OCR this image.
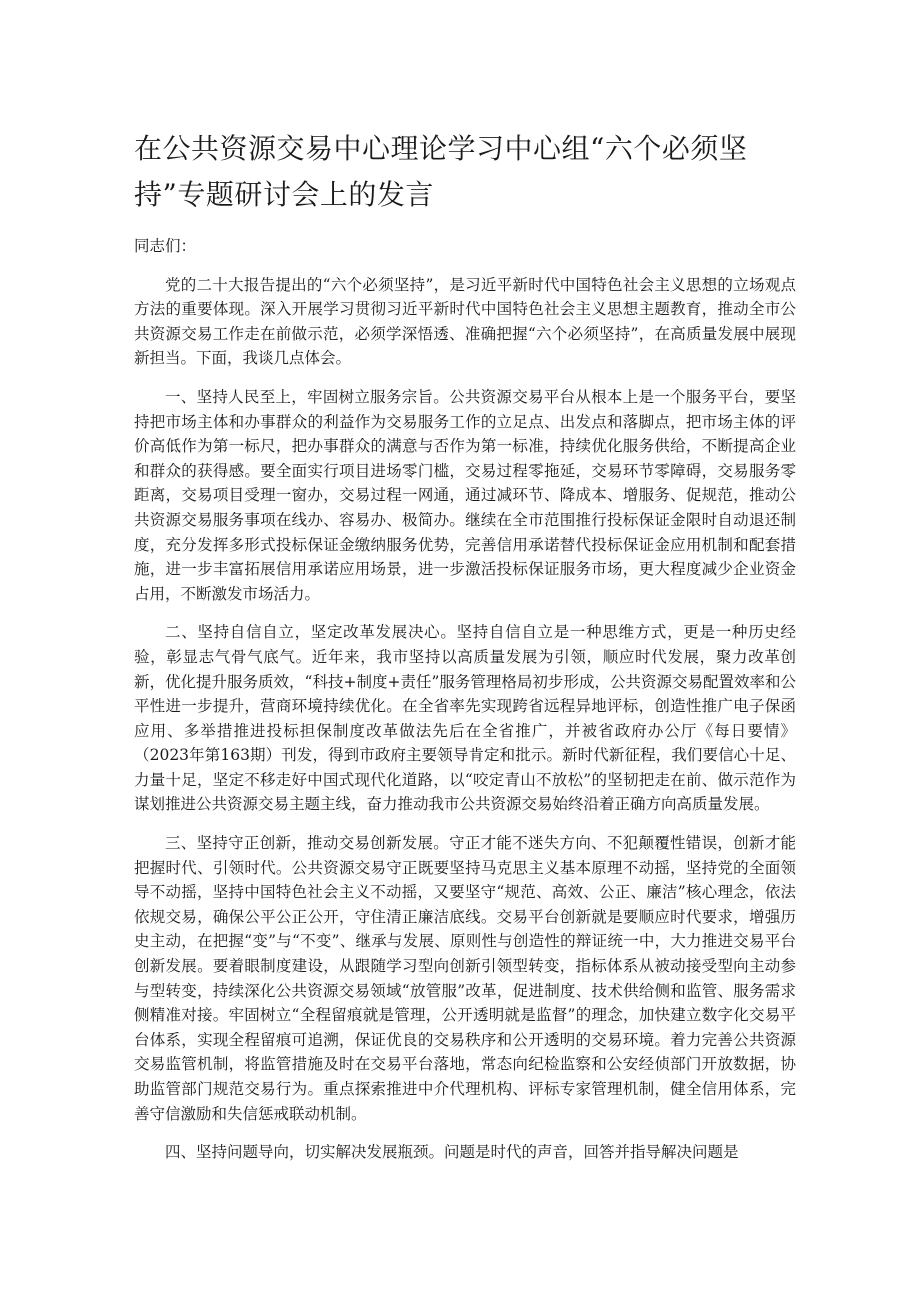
在公共资源交易中心理论学习中心组“六个必须坚持”专题研讨会上的发言

同志们：

党的二十大报告提出的“六个必须坚持”，是习近平新时代中国特色社会主义思想的立场观点方法的重要体现。深入开展学习贯彻习近平新时代中国特色社会主义思想主题教育，推动全市公共资源交易工作走在前做示范，必须学深悟透、准确把握“六个必须坚持”，在高质量发展中展现新担当。下面，我谈几点体会。

一、坚持人民至上，牢固树立服务宗旨。公共资源交易平台从根本上是一个服务平台，要坚持把市场主体和办事群众的利益作为交易服务工作的立足点、出发点和落脚点，把市场主体的评价高低作为第一标尺，把办事群众的满意与否作为第一标准，持续优化服务供给，不断提高企业和群众的获得感。要全面实行项目进场零门槛，交易过程零拖延，交易环节零障碍，交易服务零距离，交易项目受理一窗办，交易过程一网通，通过减环节、降成本、增服务、促规范，推动公共资源交易服务事项在线办、容易办、极简办。继续在全市范围推行投标保证金限时自动退还制度，充分发挥多形式投标保证金缴纳服务优势，完善信用承诺替代投标保证金应用机制和配套措施，进一步丰富拓展信用承诺应用场景，进一步激活投标保证服务市场，更大程度减少企业资金占用，不断激发市场活力。

二、坚持自信自立，坚定改革发展决心。坚持自信自立是一种思维方式，更是一种历史经验，彰显志气骨气底气。近年来，我市坚持以高质量发展为引领，顺应时代发展，聚力改革创新，优化提升服务质效，“科技+制度+责任”服务管理格局初步形成，公共资源交易配置效率和公平性进一步提升，营商环境持续优化。在全省率先实现跨省远程异地评标，创造性推广电子保函应用、多举措推进投标担保制度改革做法先后在全省推广，并被省政府办公厅《每日要情》（2023年第163期）刊发，得到市政府主要领导肯定和批示。新时代新征程，我们要信心十足、力量十足，坚定不移走好中国式现代化道路，以“咬定青山不放松”的坚韧把走在前、做示范作为谋划推进公共资源交易主题主线，奋力推动我市公共资源交易始终沿着正确方向高质量发展。

三、坚持守正创新，推动交易创新发展。守正才能不迷失方向、不犯颠覆性错误，创新才能把握时代、引领时代。公共资源交易守正既要坚持马克思主义基本原理不动摇，坚持党的全面领导不动摇，坚持中国特色社会主义不动摇，又要坚守“规范、高效、公正、廉洁”核心理念，依法依规交易，确保公平公正公开，守住清正廉洁底线。交易平台创新就是要顺应时代要求，增强历史主动，在把握“变”与“不变”、继承与发展、原则性与创造性的辩证统一中，大力推进交易平台创新发展。要着眼制度建设，从跟随学习型向创新引领型转变，指标体系从被动接受型向主动参与型转变，持续深化公共资源交易领域“放管服”改革，促进制度、技术供给侧和监管、服务需求侧精准对接。牢固树立“全程留痕就是管理，公开透明就是监督”的理念，加快建立数字化交易平台体系，实现全程留痕可追溯，保证优良的交易秩序和公开透明的交易环境。着力完善公共资源交易监管机制，将监管措施及时在交易平台落地，常态向纪检监察和公安经侦部门开放数据，协助监管部门规范交易行为。重点探索推进中介代理机构、评标专家管理机制，健全信用体系，完善守信激励和失信惩戒联动机制。

四、坚持问题导向，切实解决发展瓶颈。问题是时代的声音，回答并指导解决问题是
